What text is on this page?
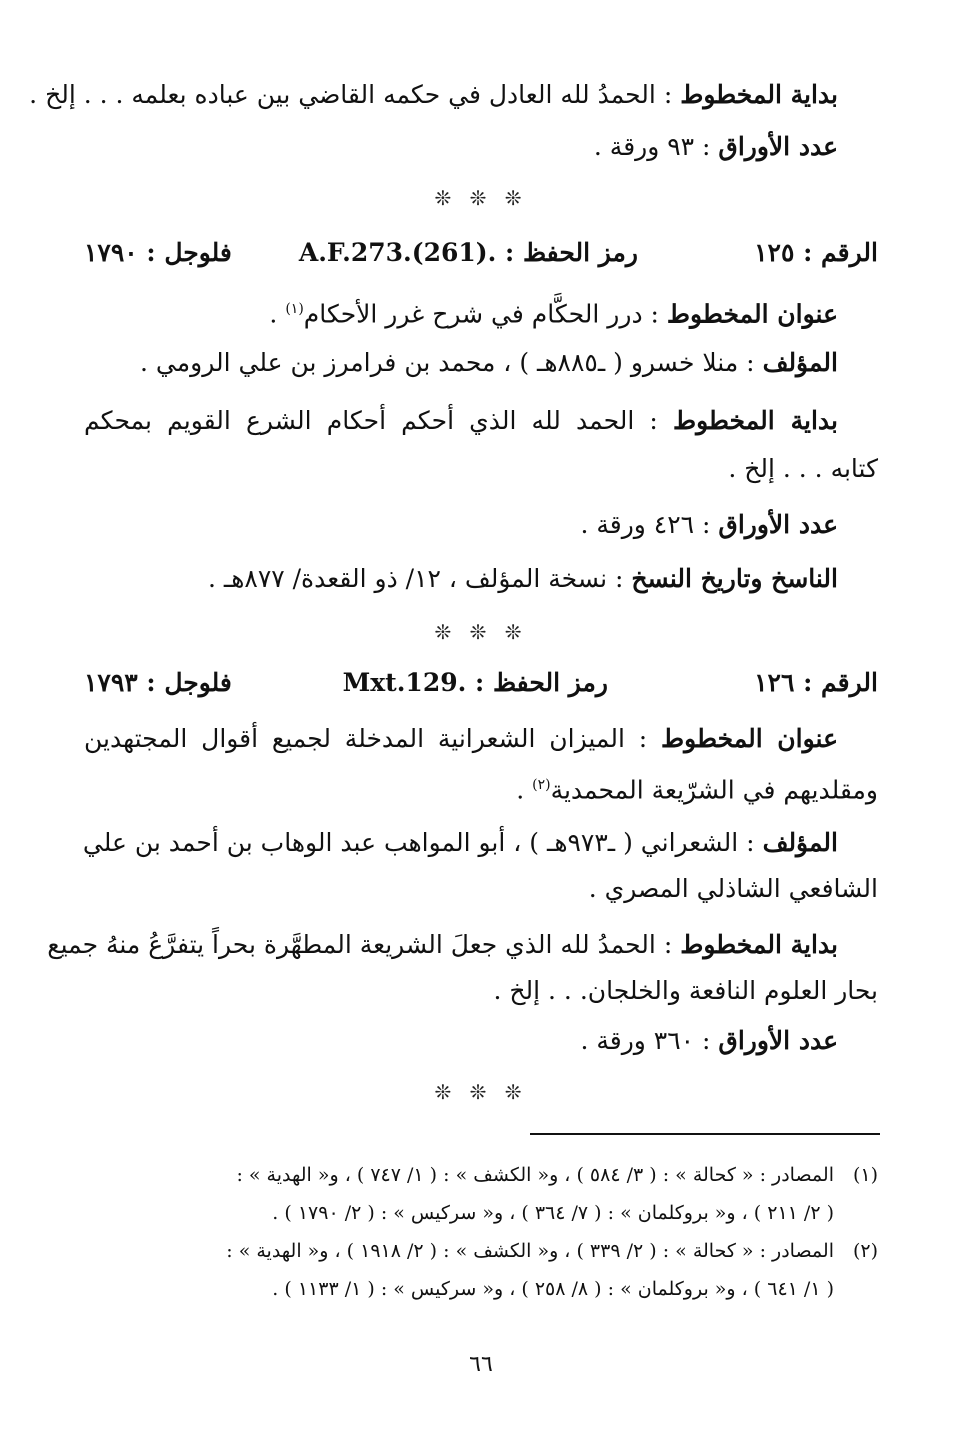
بداية المخطوط : الحمدُ لله العادل في حكمه القاضي بين عباده بعلمه . . . إلخ .
عدد الأوراق : ٩٣ ورقة .
❊ ❊ ❊
الرقم : ١٢٥
رمز الحفظ : .A.F.273.(261)
فلوجل : ١٧٩٠
عنوان المخطوط : درر الحكَّام في شرح غرر الأحكام$^{(١)}$ .
المؤلف : منلا خسرو ( ـ٨٨٥هـ ) ، محمد بن فرامرز بن علي الرومي .
بداية المخطوط : الحمد لله الذي أحكم أحكام الشرع القويم بمحكم
كتابه . . . إلخ .
عدد الأوراق : ٤٢٦ ورقة .
الناسخ وتاريخ النسخ : نسخة المؤلف ، ١٢/ ذو القعدة/ ٨٧٧هـ .
❊ ❊ ❊
الرقم : ١٢٦
رمز الحفظ : .Mxt.129
فلوجل : ١٧٩٣
عنوان المخطوط : الميزان الشعرانية المدخلة لجميع أقوال المجتهدين
ومقلديهم في الشرّيعة المحمدية$^{(٢)}$ .
المؤلف : الشعراني ( ـ٩٧٣هـ ) ، أبو المواهب عبد الوهاب بن أحمد بن علي
الشافعي الشاذلي المصري .
بداية المخطوط : الحمدُ لله الذي جعلَ الشريعة المطهَّرة بحراً يتفرَّعُ منهُ جميع
بحار العلوم النافعة والخلجان. . . إلخ .
عدد الأوراق : ٣٦٠ ورقة .
❊ ❊ ❊
(١)
المصادر : « كحالة » : ( ٣/ ٥٨٤ ) ، و« الكشف » : ( ١/ ٧٤٧ ) ، و« الهدية » :
( ٢/ ٢١١ ) ، و« بروكلمان » : ( ٧/ ٣٦٤ ) ، و« سركيس » : ( ٢/ ١٧٩٠ ) .
(٢)
المصادر : « كحالة » : ( ٢/ ٣٣٩ ) ، و« الكشف » : ( ٢/ ١٩١٨ ) ، و« الهدية » :
( ١/ ٦٤١ ) ، و« بروكلمان » : ( ٨/ ٢٥٨ ) ، و« سركيس » : ( ١/ ١١٣٣ ) .
٦٦
